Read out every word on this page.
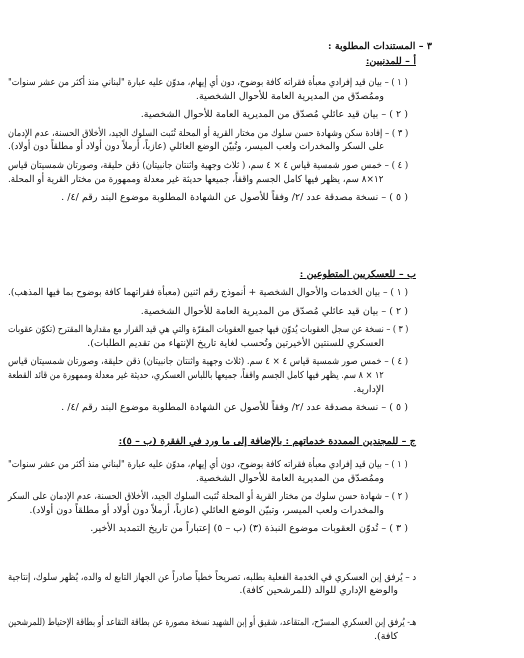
٣ – المستندات المطلوبة :
أ – للمدنيين:
( ١ ) – بيان قيد إفرادي معبأة فقراته كافة بوضوح، دون أي إيهام، مدوّن عليه عبارة "لبناني منذ أكثر من عشر سنوات"
وممُصدّق من المديرية العامة للأحوال الشخصية.
( ٢ ) – بيان قيد عائلي مُصدّق من المديرية العامة للأحوال الشخصية.
( ٣ ) – إفادة سكن وشهادة حسن سلوك من مختار القرية أو المحلة تُثبت السلوك الجيد، الأخلاق الحسنة، عدم الإدمان
على السكر والمخدرات ولعب الميسر، وتُبيّن الوضع العائلي (عازباً، أرملاً دون أولاد أو مطلقاً دون أولاد).
( ٤ ) – خمس صور شمسية قياس ٤ × ٤ سم، ( ثلاث وجهية واثنتان جانبيتان) ذقن حليقة، وصورتان شمسيتان قياس
١٢×٨ سم، يظهر فيها كامل الجسم واقفاً، جميعها حديثة غير معدلة وممهورة من مختار القرية أو المحلة.
( ٥ ) – نسخة مصدقة عدد /٢/ وفقاً للأصول عن الشهادة المطلوبة موضوع البند رقم /٤/ .
ب – للعسكريين المتطوعين :
( ١ ) – بيان الخدمات والأحوال الشخصية + أنموذج رقم اثنين (معبأة فقراتهما كافة بوضوح بما فيها المذهب).
( ٢ ) – بيان قيد عائلي مُصدّق من المديرية العامة للأحوال الشخصية.
( ٣ ) – نسخة عن سجل العقوبات يُدوّن فيها جميع العقوبات المقرّة والتي هي قيد القرار مع مقدارها المقترح (تكوّن عقوبات
العسكري للسنتين الأخيرتين وتُحسب لغاية تاريخ الإنتهاء من تقديم الطلبات).
( ٤ ) – خمس صور شمسية قياس ٤ × ٤ سم. (ثلاث وجهية واثنتان جانبيتان) ذقن حليقة، وصورتان شمسيتان قياس
١٢ × ٨ سم. يظهر فيها كامل الجسم واقفاً، جميعها باللباس العسكري، حديثة غير معدلة وممهورة من قائد القطعة
الإدارية.
( ٥ ) – نسخة مصدقة عدد /٢/ وفقاً للأصول عن الشهادة المطلوبة موضوع البند رقم /٤/ .
ج – للمجندين الممددة خدماتهم : بالإضافة إلى ما ورد في الفقرة (ب – ٥):
( ١ ) – بيان قيد إفرادي معبأة فقراته كافة بوضوح، دون أي إيهام، مدوّن عليه عبارة "لبناني منذ أكثر من عشر سنوات"
وممُصدّق من المديرية العامة للأحوال الشخصية.
( ٢ ) – شهادة حسن سلوك من مختار القرية أو المحلة تُثبت السلوك الجيد، الأخلاق الحسنة، عدم الإدمان على السكر
والمخدرات ولعب الميسر، وتبيّن الوضع العائلي (عازباً، أرملاً دون أولاد أو مطلقاً دون أولاد).
( ٣ ) – تُدوّن العقوبات موضوع النبذة (٣) (ب – ٥) إعتباراً من تاريخ التمديد الأخير.
د – يُرفق إبن العسكري في الخدمة الفعلية بطلبه، تصريحاً خطياً صادراً عن الجهاز التابع له والده، يُظهر سلوك، إنتاجية
والوضع الإداري للوالد (للمرشحين كافة).
هـ- يُرفق إبن العسكري المسرّح، المتقاعد، شقيق أو إبن الشهيد نسخة مصورة عن بطاقة التقاعد أو بطاقة الإحتياط (للمرشحين
كافة).
